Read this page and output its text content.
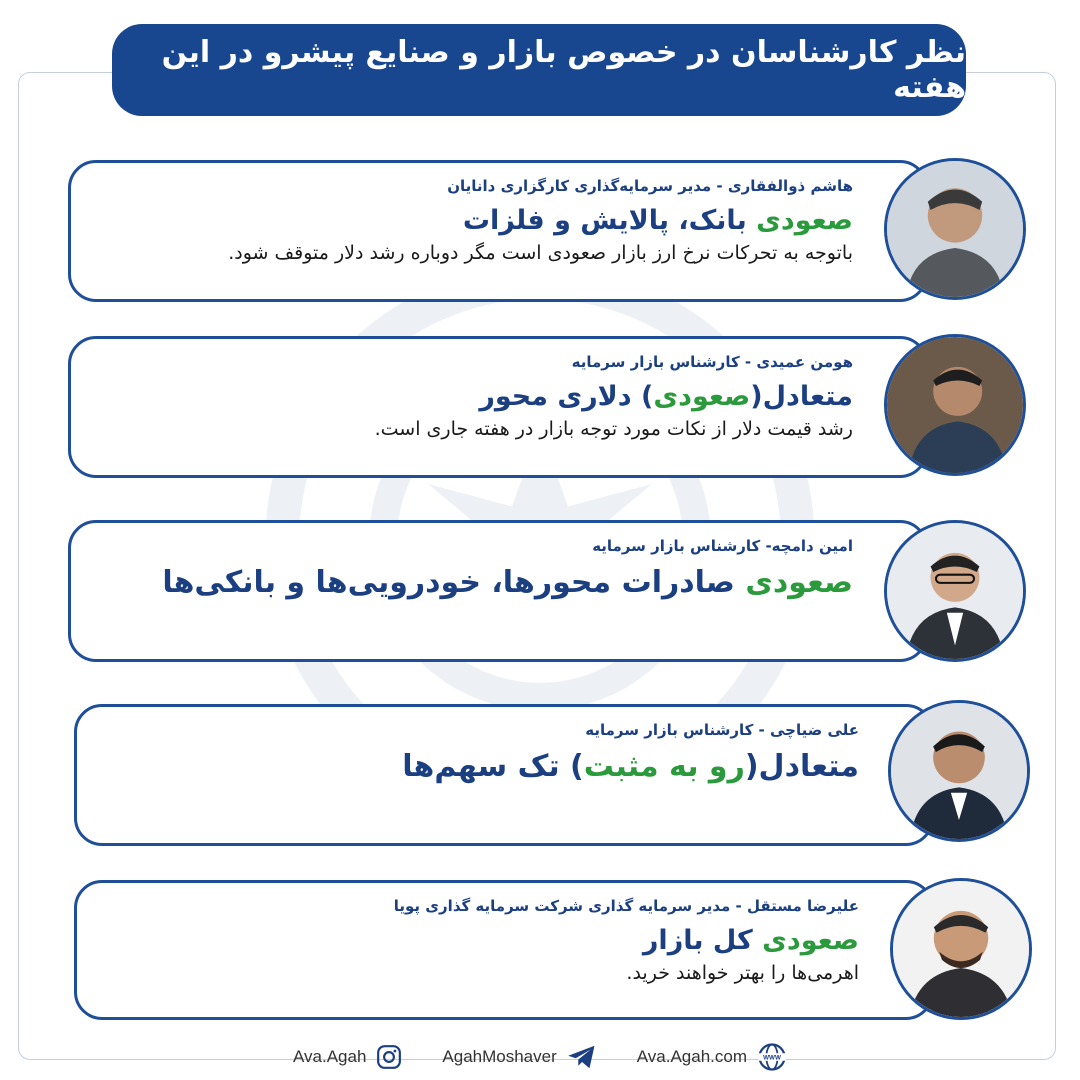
نظر کارشناسان در خصوص بازار و صنایع پیشرو در این هفته
هاشم ذوالفقاری - مدیر سرمایه‌گذاری کارگزاری دانایان
صعودی بانک، پالایش و فلزات
باتوجه به تحرکات نرخ ارز بازار صعودی است مگر دوباره رشد دلار متوقف شود.
هومن عمیدی - کارشناس بازار سرمایه
متعادل(صعودی) دلاری محور
رشد قیمت دلار از نکات مورد توجه بازار در هفته جاری است.
امین دامچه- کارشناس بازار سرمایه
صعودی صادرات محورها، خودرویی‌ها و بانکی‌ها
علی ضیاچی - کارشناس بازار سرمایه
متعادل(رو به مثبت) تک سهم‌ها
علیرضا مستقل - مدیر سرمایه گذاری شرکت سرمایه گذاری پویا
صعودی کل بازار
اهرمی‌ها را بهتر خواهند خرید.
Ava.Agah	AgahMoshaver	Ava.Agah.com	WWW
